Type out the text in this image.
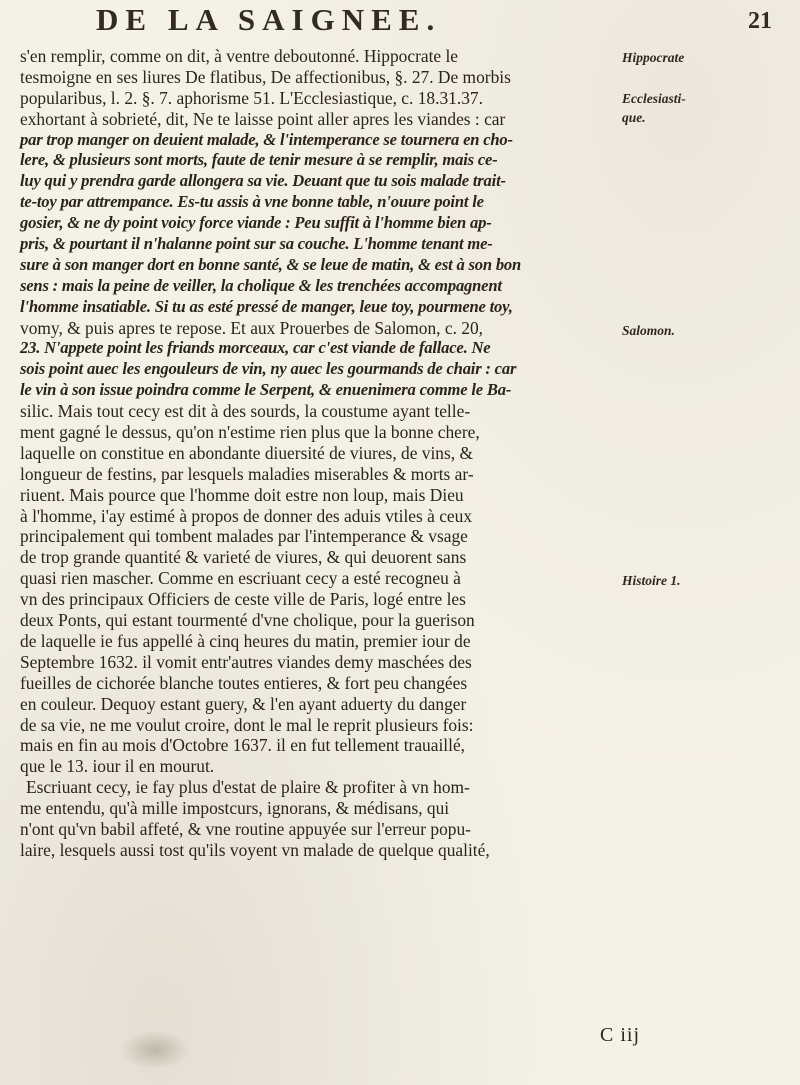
DE LA SAIGNEE.	21
s'en remplir, comme on dit, à ventre deboutonné. Hippocrate le
tesmoigne en ses liures De flatibus, De affectionibus, §. 27. De morbis
popularibus, l. 2. §. 7. aphorisme 51. L'Ecclesiastique, c. 18.31.37.
exhortant à sobrieté, dit, Ne te laisse point aller apres les viandes : car
par trop manger on deuient malade, & l'intemperance se tournera en cho-
lere, & plusieurs sont morts, faute de tenir mesure à se remplir, mais ce-
luy qui y prendra garde allongera sa vie. Deuant que tu sois malade trait-
te-toy par attrempance. Es-tu assis à vne bonne table, n'ouure point le
gosier, & ne dy point voicy force viande : Peu suffit à l'homme bien ap-
pris, & pourtant il n'halanne point sur sa couche. L'homme tenant me-
sure à son manger dort en bonne santé, & se leue de matin, & est à son bon
sens : mais la peine de veiller, la cholique & les trenchées accompagnent
l'homme insatiable. Si tu as esté pressé de manger, leue toy, pourmene toy,
vomy, & puis apres te repose. Et aux Prouerbes de Salomon, c. 20,
23. N'appete point les friands morceaux, car c'est viande de fallace. Ne
sois point auec les engouleurs de vin, ny auec les gourmands de chair : car
le vin à son issue poindra comme le Serpent, & enuenimera comme le Ba-
silic. Mais tout cecy est dit à des sourds, la coustume ayant telle-
ment gagné le dessus, qu'on n'estime rien plus que la bonne chere,
laquelle on constitue en abondante diuersité de viures, de vins, &
longueur de festins, par lesquels maladies miserables & morts ar-
riuent. Mais pource que l'homme doit estre non loup, mais Dieu
à l'homme, i'ay estimé à propos de donner des aduis vtiles à ceux
principalement qui tombent malades par l'intemperance & vsage
de trop grande quantité & varieté de viures, & qui deuorent sans
quasi rien mascher. Comme en escriuant cecy a esté recogneu à
vn des principaux Officiers de ceste ville de Paris, logé entre les
deux Ponts, qui estant tourmenté d'vne cholique, pour la guerison
de laquelle ie fus appellé à cinq heures du matin, premier iour de
Septembre 1632. il vomit entr'autres viandes demy maschées des
fueilles de cichorée blanche toutes entieres, & fort peu changées
en couleur. Dequoy estant guery, & l'en ayant aduerty du danger
de sa vie, ne me voulut croire, dont le mal le reprit plusieurs fois:
mais en fin au mois d'Octobre 1637. il en fut tellement trauaillé,
que le 13. iour il en mourut.
Escriuant cecy, ie fay plus d'estat de plaire & profiter à vn hom-
me entendu, qu'à mille impostcurs, ignorans, & médisans, qui
n'ont qu'vn babil affeté, & vne routine appuyée sur l'erreur popu-
laire, lesquels aussi tost qu'ils voyent vn malade de quelque qualité,
Hippocrate
Ecclesiasti-
que.
Salomon.
Histoire 1.
C iij
